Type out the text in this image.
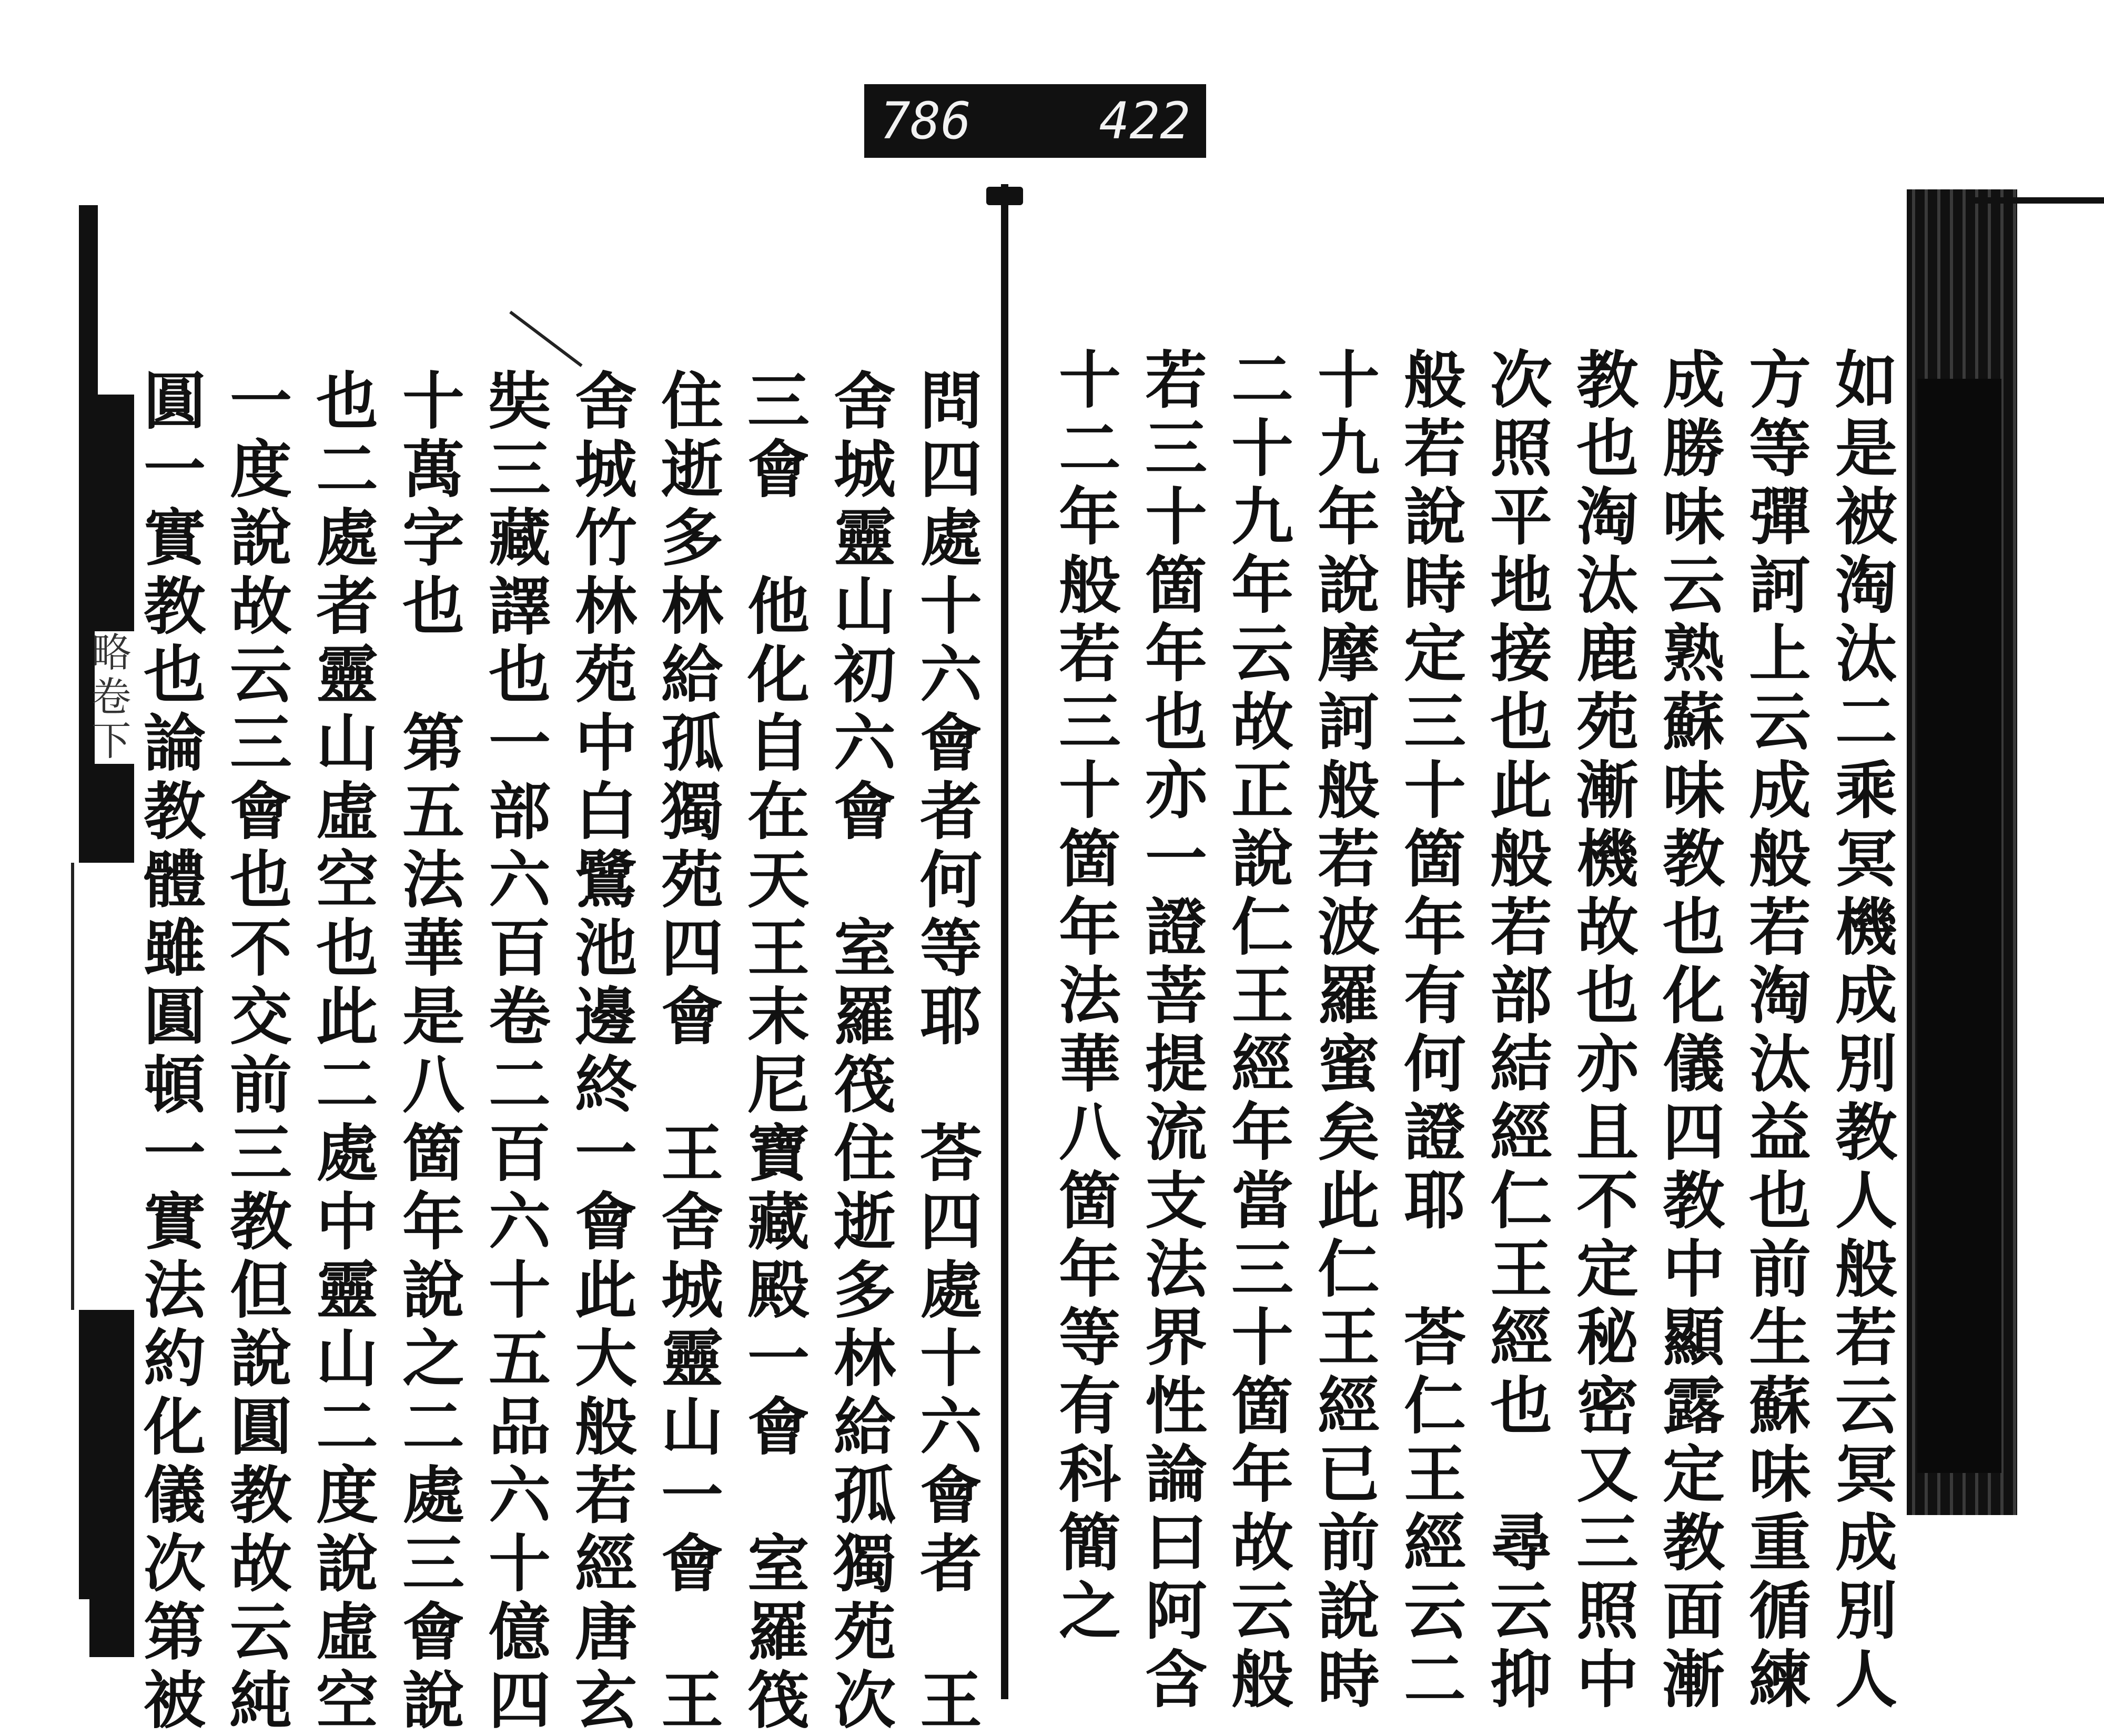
786	422
略卷下	如是被淘汰二乘冥機成別教人般若云冥成別人
方等彈訶上云成般若淘汰益也前生蘇味重循練
成勝味云熟蘇味教也化儀四教中顯露定教面漸
教也淘汰鹿苑漸機故也亦且不定秘密又三照中
次照平地接也此般若部結經仁王經也　尋云抑
般若說時定三十箇年有何證耶　荅仁王經云二
十九年說摩訶般若波羅蜜矣此仁王經已前說時
二十九年云故正說仁王經年當三十箇年故云般
若三十箇年也亦一證菩提流支法界性論曰阿含
十二年般若三十箇年法華八箇年等有科簡之
問四處十六會者何等耶　荅四處十六會者　王
舍城靈山初六會　室羅筏住逝多林給孤獨苑次
三會　他化自在天王末尼寶藏殿一會　室羅筏
住逝多林給孤獨苑四會　王舍城靈山一會　王
舍城竹林苑中白鷺池邊終一會此大般若經唐玄
奘三藏譯也一部六百卷二百六十五品六十億四
十萬字也　第五法華是八箇年說之二處三會說
也二處者靈山虛空也此二處中靈山二度說虛空
一度說故云三會也不交前三教但說圓教故云純
圓一實教也論教體雖圓頓一實法約化儀次第被
